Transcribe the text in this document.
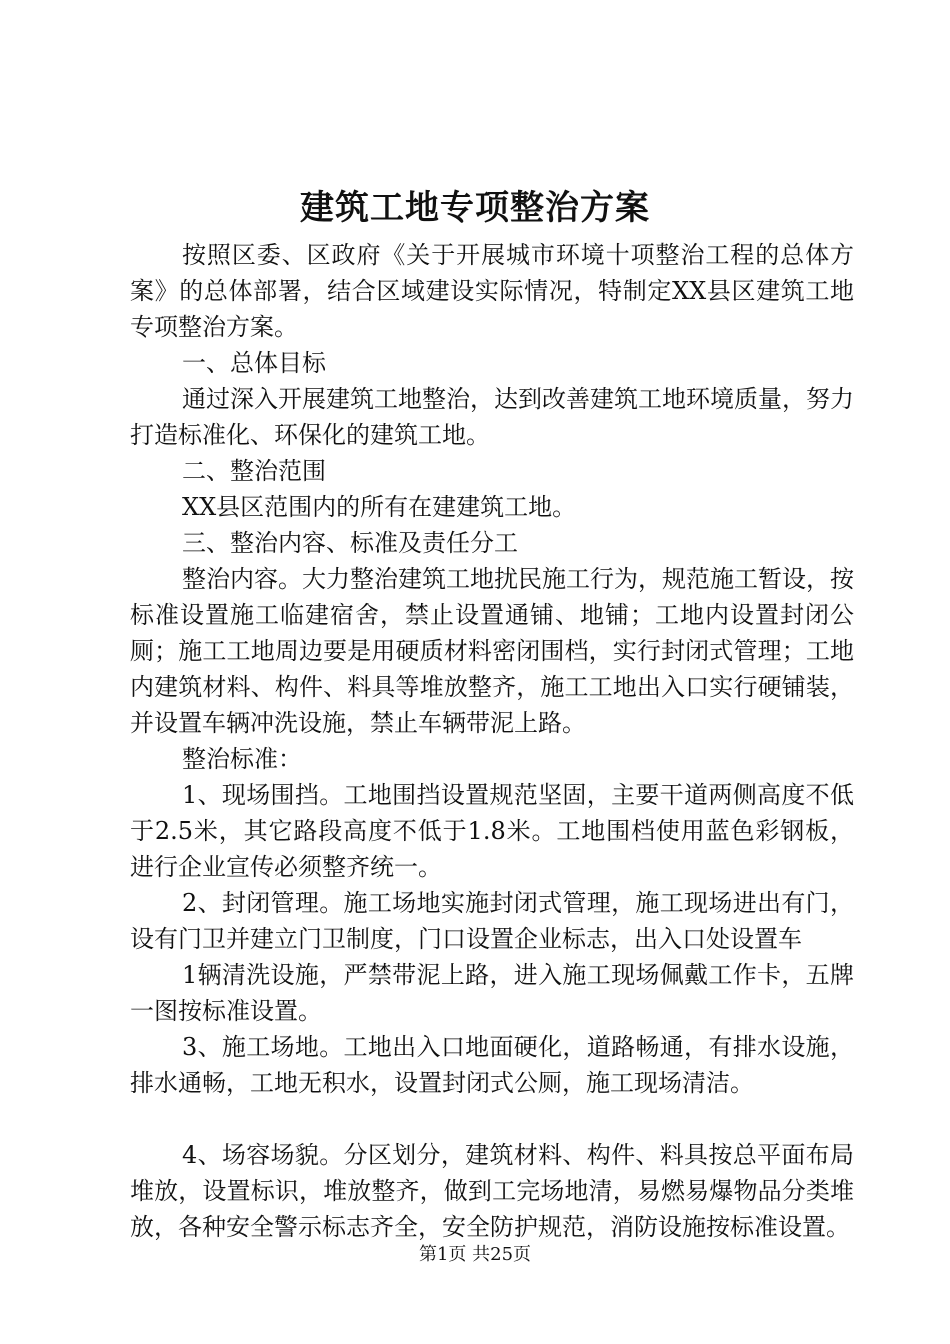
建筑工地专项整治方案

按照区委、区政府《关于开展城市环境十项整治工程的总体方案》的总体部署，结合区域建设实际情况，特制定XX县区建筑工地专项整治方案。

一、总体目标

通过深入开展建筑工地整治，达到改善建筑工地环境质量，努力打造标准化、环保化的建筑工地。

二、整治范围

XX县区范围内的所有在建建筑工地。

三、整治内容、标准及责任分工

整治内容。大力整治建筑工地扰民施工行为，规范施工暂设，按标准设置施工临建宿舍，禁止设置通铺、地铺；工地内设置封闭公厕；施工工地周边要是用硬质材料密闭围档，实行封闭式管理；工地内建筑材料、构件、料具等堆放整齐，施工工地出入口实行硬铺装，并设置车辆冲洗设施，禁止车辆带泥上路。

整治标准：

1、现场围挡。工地围挡设置规范坚固，主要干道两侧高度不低于2.5米，其它路段高度不低于1.8米。工地围档使用蓝色彩钢板，进行企业宣传必须整齐统一。

2、封闭管理。施工场地实施封闭式管理，施工现场进出有门，设有门卫并建立门卫制度，门口设置企业标志，出入口处设置车

1辆清洗设施，严禁带泥上路，进入施工现场佩戴工作卡，五牌一图按标准设置。

3、施工场地。工地出入口地面硬化，道路畅通，有排水设施，排水通畅，工地无积水，设置封闭式公厕，施工现场清洁。

4、场容场貌。分区划分，建筑材料、构件、料具按总平面布局堆放，设置标识，堆放整齐，做到工完场地清，易燃易爆物品分类堆放，各种安全警示标志齐全，安全防护规范，消防设施按标准设置。

第1页 共25页
